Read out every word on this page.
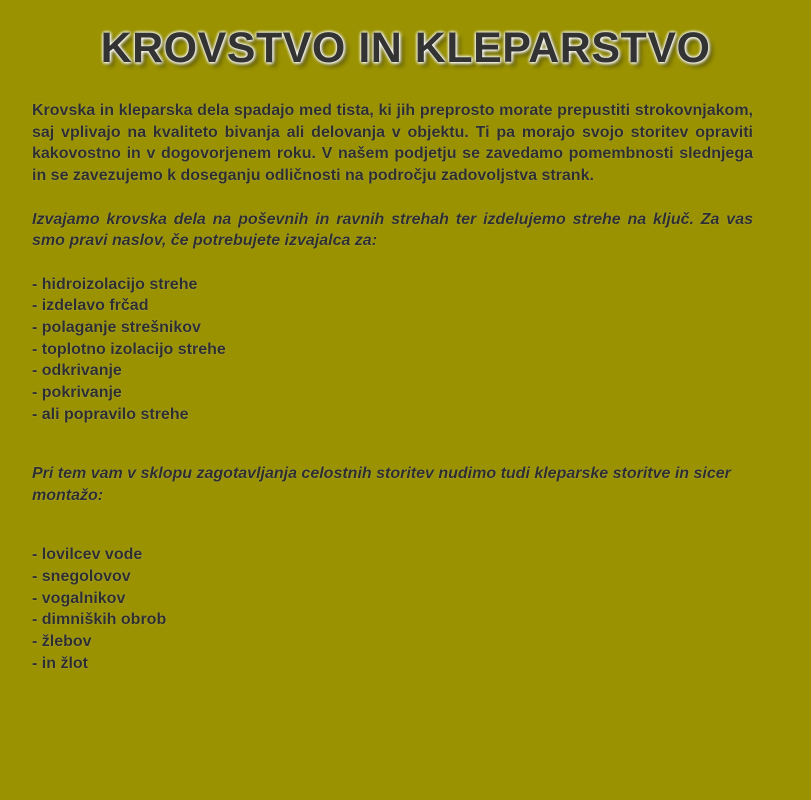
KROVSTVO IN KLEPARSTVO

Krovska in kleparska dela spadajo med tista, ki jih preprosto morate prepustiti strokovnjakom, saj vplivajo na kvaliteto bivanja ali delovanja v objektu. Ti pa morajo svojo storitev opraviti kakovostno in v dogovorjenem roku. V našem podjetju se zavedamo pomembnosti slednjega in se zavezujemo k doseganju odličnosti na področju zadovoljstva strank.

Izvajamo krovska dela na poševnih in ravnih strehah ter izdelujemo strehe na ključ. Za vas smo pravi naslov, če potrebujete izvajalca za:

- hidroizolacijo strehe
- izdelavo frčad
- polaganje strešnikov
- toplotno izolacijo strehe
- odkrivanje
- pokrivanje
- ali popravilo strehe

Pri tem vam v sklopu zagotavljanja celostnih storitev nudimo tudi kleparske storitve in sicer montažo:

- lovilcev vode
- snegolovov
- vogalnikov
- dimniških obrob
- žlebov
- in žlot
